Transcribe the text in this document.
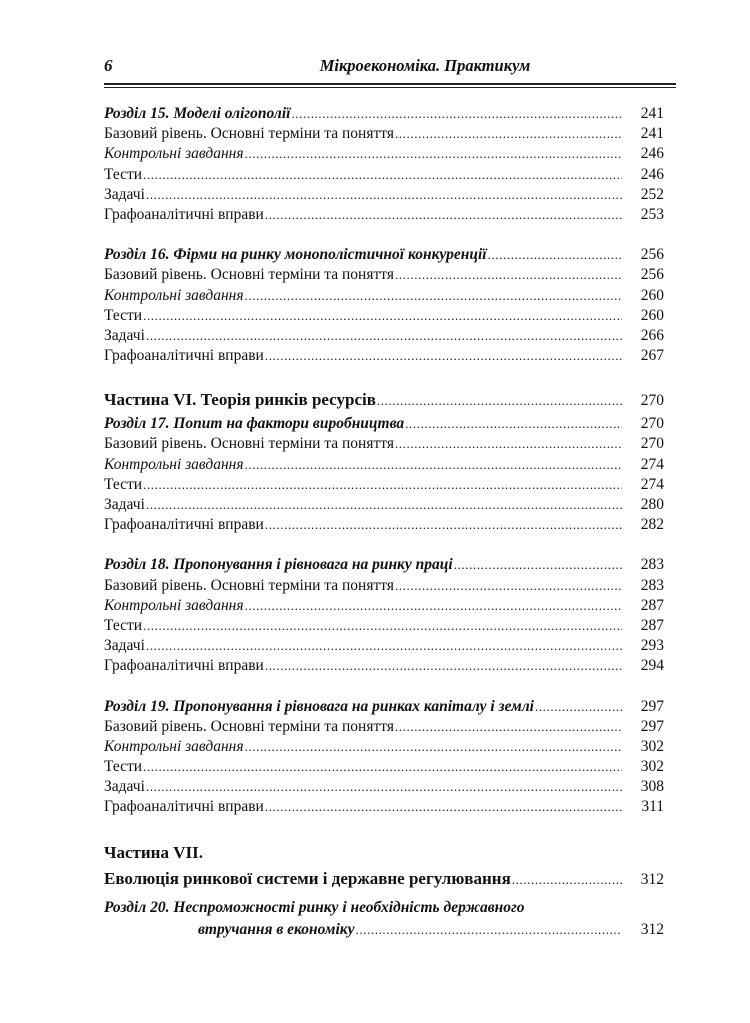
6	Мікроекономіка. Практикум
Розділ 15. Моделі олігополії .....	241
Базовий рівень. Основні терміни та поняття .....	241
Контрольні завдання .....	246
Тести .....	246
Задачі .....	252
Графоаналітичні вправи .....	253
Розділ 16. Фірми на ринку монополістичної конкуренції .....	256
Базовий рівень. Основні терміни та поняття .....	256
Контрольні завдання .....	260
Тести .....	260
Задачі .....	266
Графоаналітичні вправи .....	267
Частина VI. Теорія ринків ресурсів .....	270
Розділ 17. Попит на фактори виробництва .....	270
Базовий рівень. Основні терміни та поняття .....	270
Контрольні завдання .....	274
Тести .....	274
Задачі .....	280
Графоаналітичні вправи .....	282
Розділ 18. Пропонування і рівновага на ринку праці .....	283
Базовий рівень. Основні терміни та поняття .....	283
Контрольні завдання .....	287
Тести .....	287
Задачі .....	293
Графоаналітичні вправи .....	294
Розділ 19. Пропонування і рівновага на ринках капіталу і землі .....	297
Базовий рівень. Основні терміни та поняття .....	297
Контрольні завдання .....	302
Тести .....	302
Задачі .....	308
Графоаналітичні вправи .....	311
Частина VII.
Еволюція ринкової системи і державне регулювання .....	312
Розділ 20. Неспроможності ринку і необхідність державного
втручання в економіку .....	312
